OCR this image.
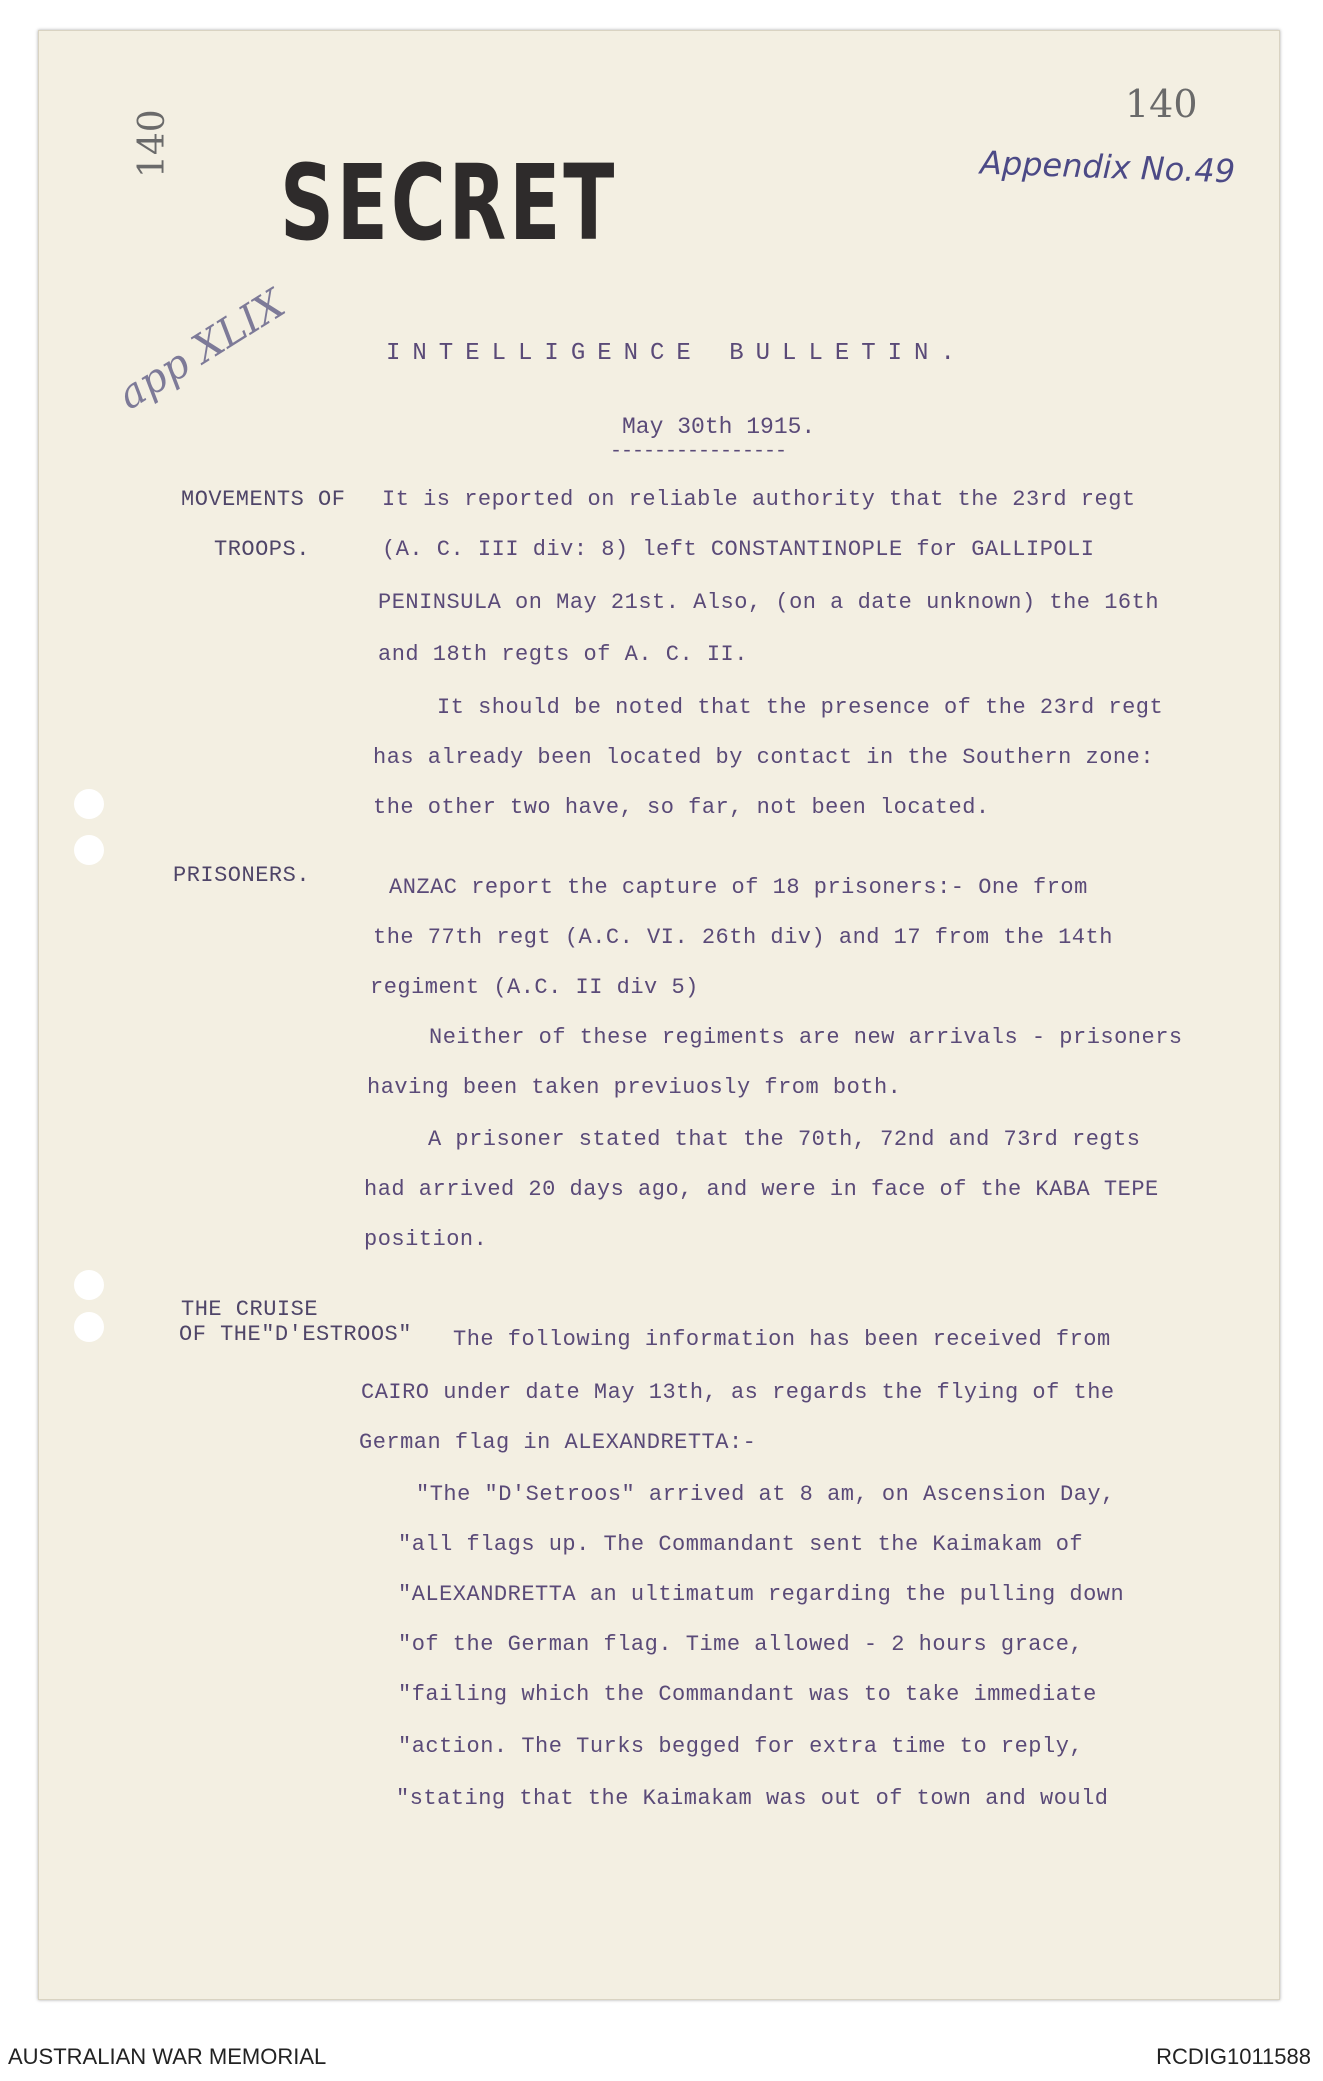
SECRET
140
140	Appendix No.49
app XLIX	INTELLIGENCE BULLETIN.
May 30th 1915.
----------------
MOVEMENTS OF
TROOPS.
It is reported on reliable authority that the 23rd regt
(A. C. III div: 8) left CONSTANTINOPLE for GALLIPOLI
PENINSULA on May 21st. Also, (on a date unknown) the 16th
and 18th regts of A. C. II.
It should be noted that the presence of the 23rd regt
has already been located by contact in the Southern zone:
the other two have, so far, not been located.
PRISONERS.	ANZAC report the capture of 18 prisoners:- One from
the 77th regt (A.C. VI. 26th div) and 17 from the 14th
regiment (A.C. II div 5)
Neither of these regiments are new arrivals - prisoners
having been taken previuosly from both.
A prisoner stated that the 70th, 72nd and 73rd regts
had arrived 20 days ago, and were in face of the KABA TEPE
position.
THE CRUISE
OF THE"D'ESTROOS" The following information has been received from
CAIRO under date May 13th, as regards the flying of the
German flag in ALEXANDRETTA:-
"The "D'Setroos" arrived at 8 am, on Ascension Day,
"all flags up. The Commandant sent the Kaimakam of
"ALEXANDRETTA an ultimatum regarding the pulling down
"of the German flag. Time allowed - 2 hours grace,
"failing which the Commandant was to take immediate
"action. The Turks begged for extra time to reply,
"stating that the Kaimakam was out of town and would
AUSTRALIAN WAR MEMORIAL	RCDIG1011588
